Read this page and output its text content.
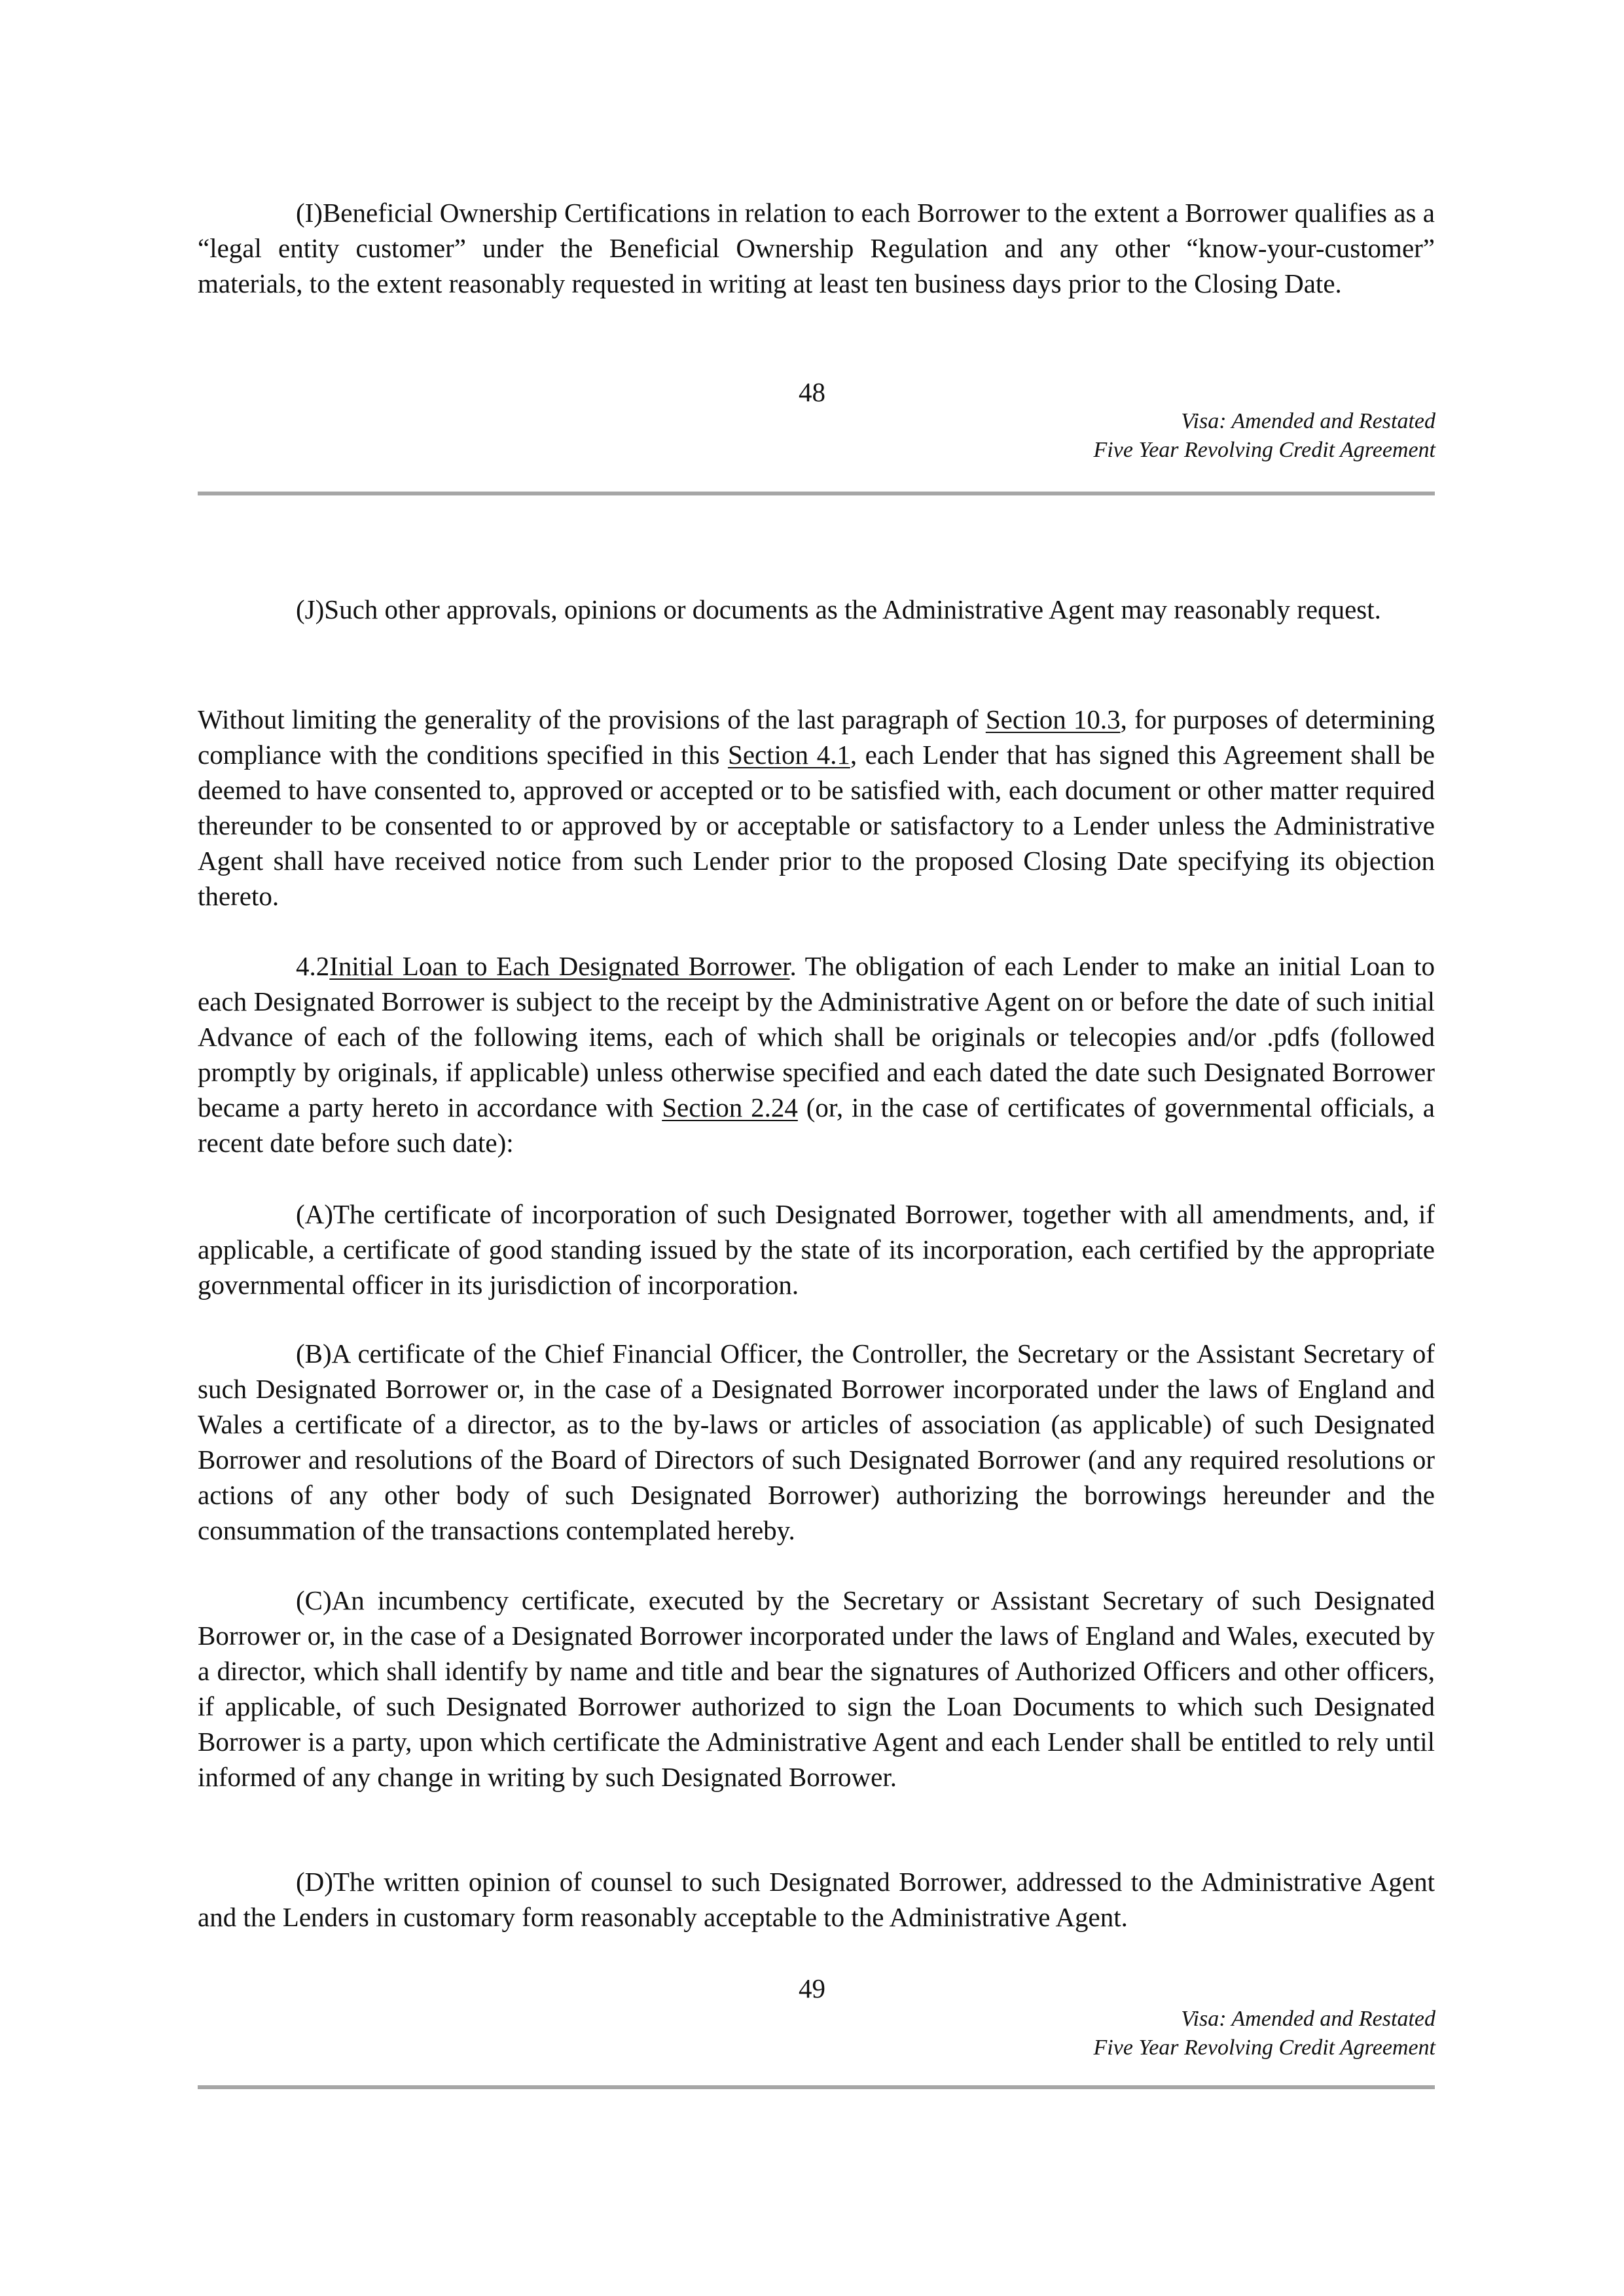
(I)Beneficial Ownership Certifications in relation to each Borrower to the extent a Borrower qualifies as a “legal entity customer” under the Beneficial Ownership Regulation and any other “know-your-customer” materials, to the extent reasonably requested in writing at least ten business days prior to the Closing Date.

48

Visa: Amended and Restated

Five Year Revolving Credit Agreement

(J)Such other approvals, opinions or documents as the Administrative Agent may reasonably request.

Without limiting the generality of the provisions of the last paragraph of Section 10.3, for purposes of determining compliance with the conditions specified in this Section 4.1, each Lender that has signed this Agreement shall be deemed to have consented to, approved or accepted or to be satisfied with, each document or other matter required thereunder to be consented to or approved by or acceptable or satisfactory to a Lender unless the Administrative Agent shall have received notice from such Lender prior to the proposed Closing Date specifying its objection thereto.

4.2Initial Loan to Each Designated Borrower. The obligation of each Lender to make an initial Loan to each Designated Borrower is subject to the receipt by the Administrative Agent on or before the date of such initial Advance of each of the following items, each of which shall be originals or telecopies and/or .pdfs (followed promptly by originals, if applicable) unless otherwise specified and each dated the date such Designated Borrower became a party hereto in accordance with Section 2.24 (or, in the case of certificates of governmental officials, a recent date before such date):

(A)The certificate of incorporation of such Designated Borrower, together with all amendments, and, if applicable, a certificate of good standing issued by the state of its incorporation, each certified by the appropriate governmental officer in its jurisdiction of incorporation.

(B)A certificate of the Chief Financial Officer, the Controller, the Secretary or the Assistant Secretary of such Designated Borrower or, in the case of a Designated Borrower incorporated under the laws of England and Wales a certificate of a director, as to the by-laws or articles of association (as applicable) of such Designated Borrower and resolutions of the Board of Directors of such Designated Borrower (and any required resolutions or actions of any other body of such Designated Borrower) authorizing the borrowings hereunder and the consummation of the transactions contemplated hereby.

(C)An incumbency certificate, executed by the Secretary or Assistant Secretary of such Designated Borrower or, in the case of a Designated Borrower incorporated under the laws of England and Wales, executed by a director, which shall identify by name and title and bear the signatures of Authorized Officers and other officers, if applicable, of such Designated Borrower authorized to sign the Loan Documents to which such Designated Borrower is a party, upon which certificate the Administrative Agent and each Lender shall be entitled to rely until informed of any change in writing by such Designated Borrower.

(D)The written opinion of counsel to such Designated Borrower, addressed to the Administrative Agent and the Lenders in customary form reasonably acceptable to the Administrative Agent.

49

Visa: Amended and Restated

Five Year Revolving Credit Agreement
